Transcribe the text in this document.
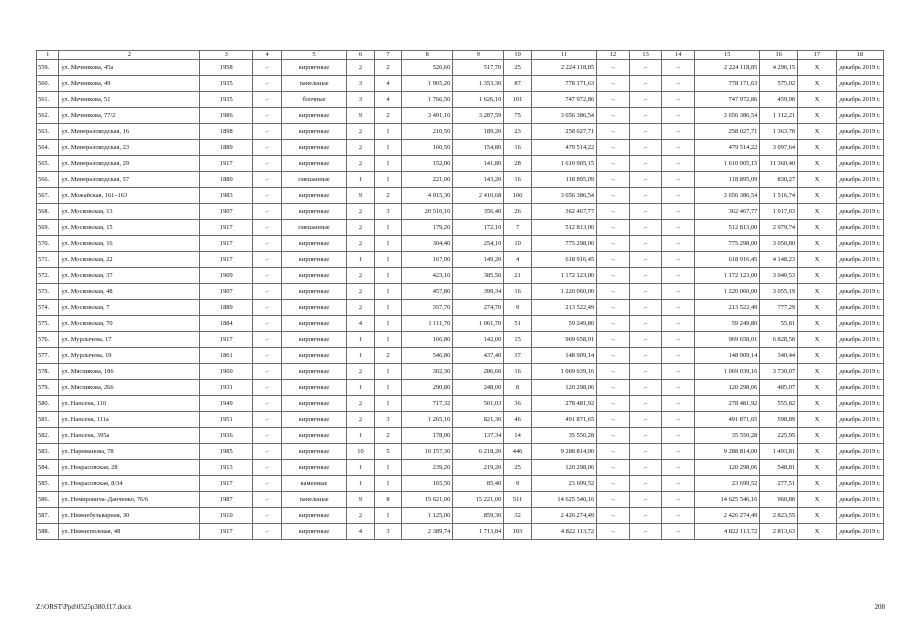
1	2	3	4	5	6	7	8	9	10	11	12	13	14	15	16	17	18
559.	ул. Мечникова, 45а	1958	–	кирпичные	2	2	526,60	517,70	25	2 224 118,85	–	–	–	2 224 118,85	4 296,15	Х	декабрь 2019 г.
560.	ул. Мечникова, 49	1935	–	панельные	3	4	1 965,20	1 353,30	87	778 171,63	–	–	–	778 171,63	575,02	Х	декабрь 2019 г.
561.	ул. Мечникова, 51	1935	–	блочные	3	4	1 766,50	1 626,10	101	747 972,86	–	–	–	747 972,86	459,98	Х	декабрь 2019 г.
562.	ул. Мечникова, 77/2	1986	–	кирпичные	9	2	3 491,10	3 287,59	75	3 656 386,54	–	–	–	3 656 386,54	1 112,21	Х	декабрь 2019 г.
563.	ул. Минераловодская, 16	1898	–	кирпичные	2	1	210,50	189,20	23	258 027,71	–	–	–	258 027,71	1 363,78	Х	декабрь 2019 г.
564.	ул. Минераловодская, 23	1889	–	кирпичные	2	1	160,50	154,80	16	479 514,22	–	–	–	479 514,22	3 097,64	Х	декабрь 2019 г.
565.	ул. Минераловодская, 29	1917	–	кирпичные	2	1	152,00	141,80	28	1 610 905,15	–	–	–	1 610 905,15	11 360,40	Х	декабрь 2019 г.
566.	ул. Минераловодская, 57	1880	–	смешанные	1	1	221,00	143,20	16	118 895,09	–	–	–	118 895,09	830,27	Х	декабрь 2019 г.
567.	ул. Можайская, 161–163	1983	–	кирпичные	9	2	4 015,30	2 410,68	160	3 656 386,54	–	–	–	3 656 386,54	1 516,74	Х	декабрь 2019 г.
568.	ул. Московская, 13	1907	–	кирпичные	2	3	20 516,10	356,40	26	362 467,77	–	–	–	362 467,77	1 017,03	Х	декабрь 2019 г.
569.	ул. Московская, 15	1917	–	смешанные	2	1	179,20	172,10	7	512 813,00	–	–	–	512 813,00	2 979,74	Х	декабрь 2019 г.
570.	ул. Московская, 16	1917	–	кирпичные	2	1	304,40	254,10	10	775 298,00	–	–	–	775 298,00	3 050,80	Х	декабрь 2019 г.
571.	ул. Московская, 22	1917	–	кирпичные	1	1	167,00	149,20	4	618 916,45	–	–	–	618 916,45	4 148,23	Х	декабрь 2019 г.
572.	ул. Московская, 37	1909	–	кирпичные	2	1	423,10	385,50	21	1 172 123,00	–	–	–	1 172 123,00	3 040,53	Х	декабрь 2019 г.
573.	ул. Московская, 48	1907	–	кирпичные	2	1	457,80	399,34	16	1 220 060,00	–	–	–	1 220 060,00	3 055,19	Х	декабрь 2019 г.
574.	ул. Московская, 7	1889	–	кирпичные	2	1	357,70	274,70	9	213 522,49	–	–	–	213 522,49	777,29	Х	декабрь 2019 г.
575.	ул. Московская, 70	1884	–	кирпичные	4	1	1 111,70	1 061,70	51	59 249,80	–	–	–	59 249,80	55,81	Х	декабрь 2019 г.
576.	ул. Мурлычева, 17	1917	–	кирпичные	1	1	166,80	142,00	15	969 658,01	–	–	–	969 658,01	6 828,58	Х	декабрь 2019 г.
577.	ул. Мурлычева, 19	1861	–	кирпичные	1	2	546,80	437,40	37	148 909,14	–	–	–	148 909,14	340,44	Х	декабрь 2019 г.
578.	ул. Мясникова, 186	1960	–	кирпичные	2	1	302,30	286,60	16	1 069 039,16	–	–	–	1 069 039,16	3 730,07	Х	декабрь 2019 г.
579.	ул. Мясникова, 266	1931	–	кирпичные	1	1	290,80	248,00	8	120 298,06	–	–	–	120 298,06	485,07	Х	декабрь 2019 г.
580.	ул. Нансена, 110	1949	–	кирпичные	2	1	717,32	501,03	36	278 481,92	–	–	–	278 481,92	555,82	Х	декабрь 2019 г.
581.	ул. Нансена, 111а	1951	–	кирпичные	2	3	1 265,10	821,30	46	491 871,65	–	–	–	491 871,65	598,89	Х	декабрь 2019 г.
582.	ул. Нансена, 395а	1936	–	кирпичные	1	2	178,00	137,34	14	35 550,28	–	–	–	35 550,28	225,95	Х	декабрь 2019 г.
583.	ул. Нариманова, 78	1985	–	кирпичные	10	5	10 157,30	6 218,20	446	9 288 814,00	–	–	–	9 288 814,00	1 493,81	Х	декабрь 2019 г.
584.	ул. Некрасовская, 28	1913	–	кирпичные	1	1	239,20	219,20	25	120 298,06	–	–	–	120 298,06	548,81	Х	декабрь 2019 г.
585.	ул. Некрасовская, 8/34	1917	–	каменные	1	1	165,50	85,40	9	23 699,52	–	–	–	23 699,52	277,51	Х	декабрь 2019 г.
586.	ул. Немировича–Данченко, 76/6	1987	–	панельные	9	8	15 621,00	15 221,00	511	14 625 546,16	–	–	–	14 625 546,16	960,88	Х	декабрь 2019 г.
587.	ул. Нижнебульварная, 30	1910	–	кирпичные	2	1	1 125,00	859,30	32	2 426 274,49	–	–	–	2 426 274,49	2 823,55	Х	декабрь 2019 г.
588.	ул. Нижнеполевая, 48	1917	–	кирпичные	4	3	2 389,74	1 713,84	103	4 822 113,72	–	–	–	4 822 113,72	2 813,63	Х	декабрь 2019 г.
Z:\ORST\Ppd\0525p380.f17.docx	208
